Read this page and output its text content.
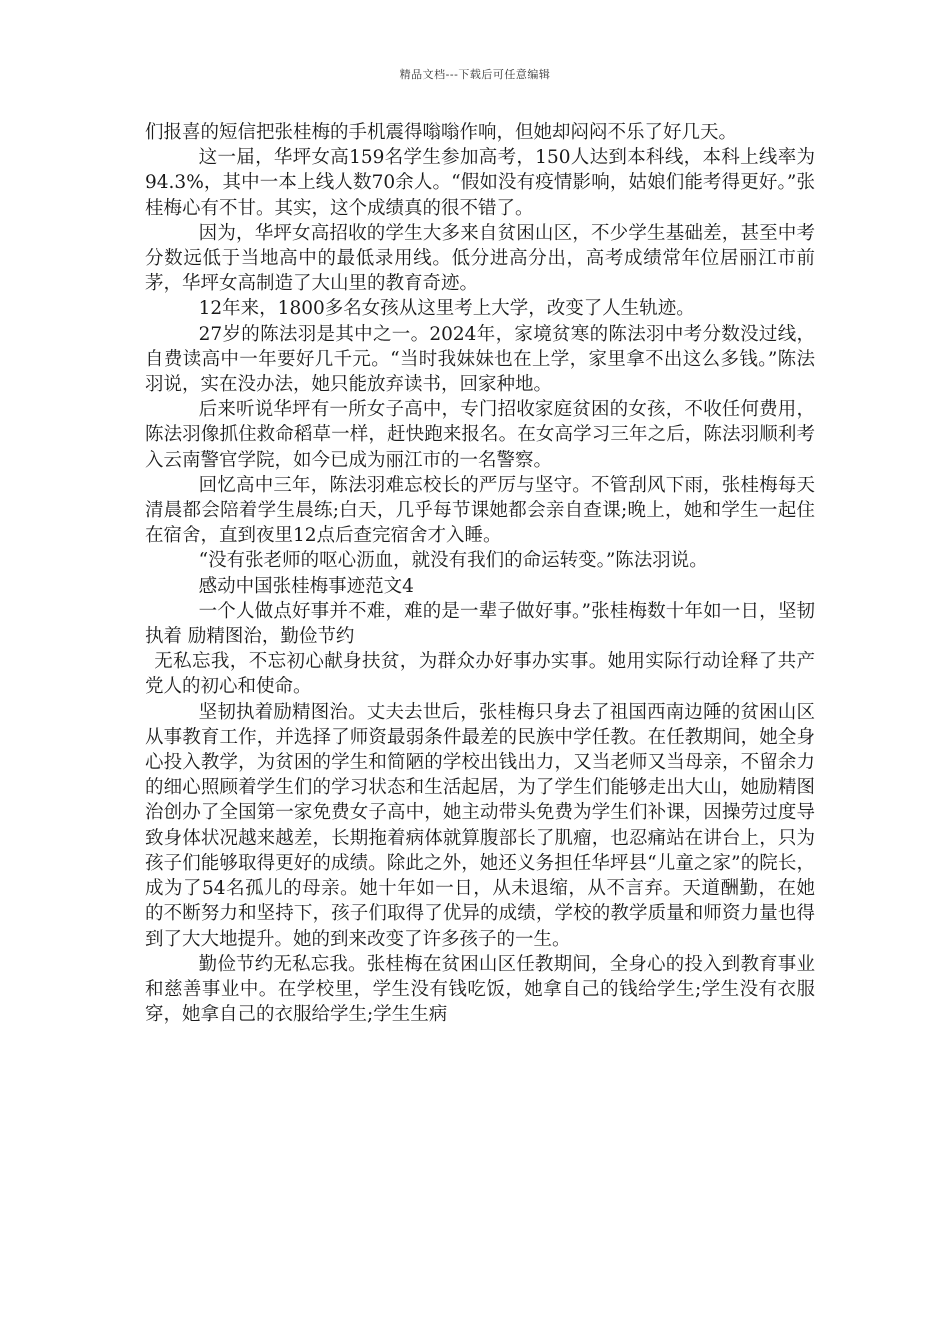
精品文档---下载后可任意编辑

们报喜的短信把张桂梅的手机震得嗡嗡作响，但她却闷闷不乐了好几天。

这一届，华坪女高159名学生参加高考，150人达到本科线，本科上线率为94.3%，其中一本上线人数70余人。“假如没有疫情影响，姑娘们能考得更好。”张桂梅心有不甘。其实，这个成绩真的很不错了。

因为，华坪女高招收的学生大多来自贫困山区，不少学生基础差，甚至中考分数远低于当地高中的最低录用线。低分进高分出，高考成绩常年位居丽江市前茅，华坪女高制造了大山里的教育奇迹。

12年来，1800多名女孩从这里考上大学，改变了人生轨迹。

27岁的陈法羽是其中之一。2024年，家境贫寒的陈法羽中考分数没过线，自费读高中一年要好几千元。“当时我妹妹也在上学，家里拿不出这么多钱。”陈法羽说，实在没办法，她只能放弃读书，回家种地。

后来听说华坪有一所女子高中，专门招收家庭贫困的女孩，不收任何费用，陈法羽像抓住救命稻草一样，赶快跑来报名。在女高学习三年之后，陈法羽顺利考入云南警官学院，如今已成为丽江市的一名警察。

回忆高中三年，陈法羽难忘校长的严厉与坚守。不管刮风下雨，张桂梅每天清晨都会陪着学生晨练;白天，几乎每节课她都会亲自查课;晚上，她和学生一起住在宿舍，直到夜里12点后查完宿舍才入睡。

“没有张老师的呕心沥血，就没有我们的命运转变。”陈法羽说。

感动中国张桂梅事迹范文4

一个人做点好事并不难，难的是一辈子做好事。”张桂梅数十年如一日，坚韧执着 励精图治，勤俭节约

无私忘我，不忘初心献身扶贫，为群众办好事办实事。她用实际行动诠释了共产党人的初心和使命。

坚韧执着励精图治。丈夫去世后，张桂梅只身去了祖国西南边陲的贫困山区从事教育工作，并选择了师资最弱条件最差的民族中学任教。在任教期间，她全身心投入教学，为贫困的学生和简陋的学校出钱出力，又当老师又当母亲，不留余力的细心照顾着学生们的学习状态和生活起居，为了学生们能够走出大山，她励精图治创办了全国第一家免费女子高中，她主动带头免费为学生们补课，因操劳过度导致身体状况越来越差，长期拖着病体就算腹部长了肌瘤，也忍痛站在讲台上，只为孩子们能够取得更好的成绩。除此之外，她还义务担任华坪县“儿童之家”的院长，成为了54名孤儿的母亲。她十年如一日，从未退缩，从不言弃。天道酬勤，在她的不断努力和坚持下，孩子们取得了优异的成绩，学校的教学质量和师资力量也得到了大大地提升。她的到来改变了许多孩子的一生。

勤俭节约无私忘我。张桂梅在贫困山区任教期间，全身心的投入到教育事业和慈善事业中。在学校里，学生没有钱吃饭，她拿自己的钱给学生;学生没有衣服穿，她拿自己的衣服给学生;学生生病
